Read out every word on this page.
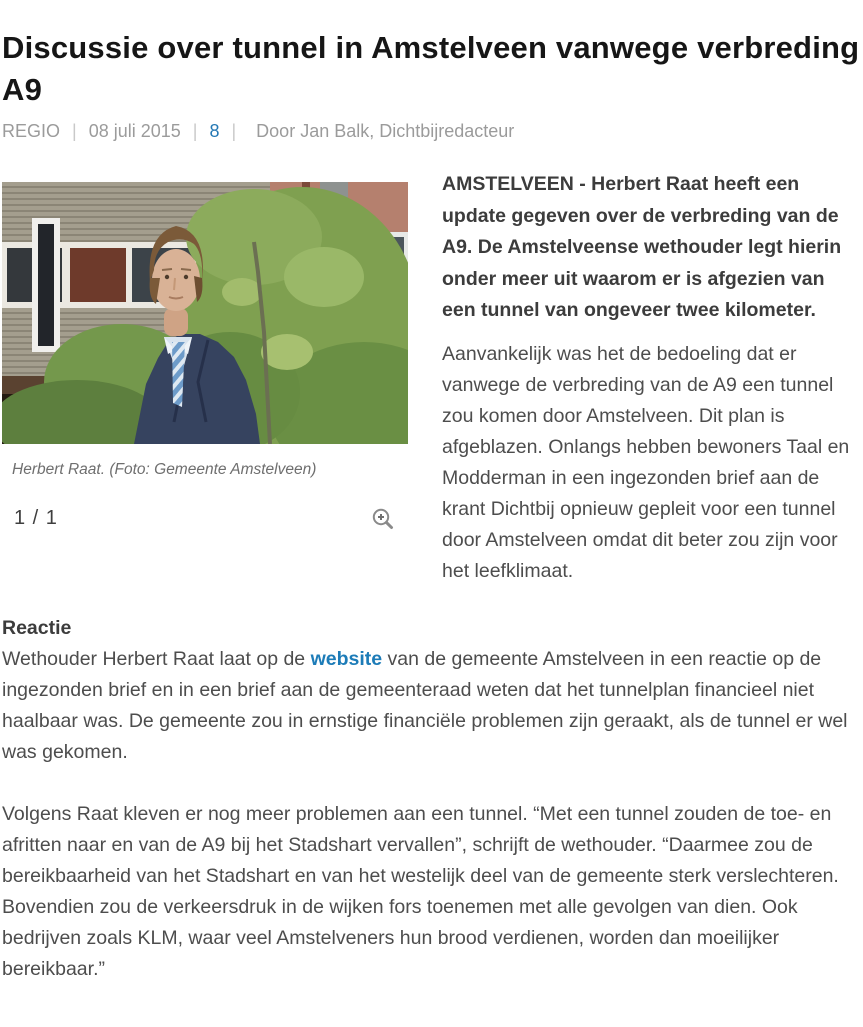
Discussie over tunnel in Amstelveen vanwege verbreding A9
REGIO | 08 juli 2015 | 8 | Door Jan Balk, Dichtbijredacteur
Herbert Raat. (Foto: Gemeente Amstelveen)
1 / 1

AMSTELVEEN - Herbert Raat heeft een update gegeven over de verbreding van de A9. De Amstelveense wethouder legt hierin onder meer uit waarom er is afgezien van een tunnel van ongeveer twee kilometer.

Aanvankelijk was het de bedoeling dat er vanwege de verbreding van de A9 een tunnel zou komen door Amstelveen. Dit plan is afgeblazen. Onlangs hebben bewoners Taal en Modderman in een ingezonden brief aan de krant Dichtbij opnieuw gepleit voor een tunnel door Amstelveen omdat dit beter zou zijn voor het leefklimaat.

Reactie

Wethouder Herbert Raat laat op de website van de gemeente Amstelveen in een reactie op de ingezonden brief en in een brief aan de gemeenteraad weten dat het tunnelplan financieel niet haalbaar was. De gemeente zou in ernstige financiële problemen zijn geraakt, als de tunnel er wel was gekomen.

Volgens Raat kleven er nog meer problemen aan een tunnel. “Met een tunnel zouden de toe- en afritten naar en van de A9 bij het Stadshart vervallen”, schrijft de wethouder. “Daarmee zou de bereikbaarheid van het Stadshart en van het westelijk deel van de gemeente sterk verslechteren. Bovendien zou de verkeersdruk in de wijken fors toenemen met alle gevolgen van dien. Ook bedrijven zoals KLM, waar veel Amstelveners hun brood verdienen, worden dan moeilijker bereikbaar.”
